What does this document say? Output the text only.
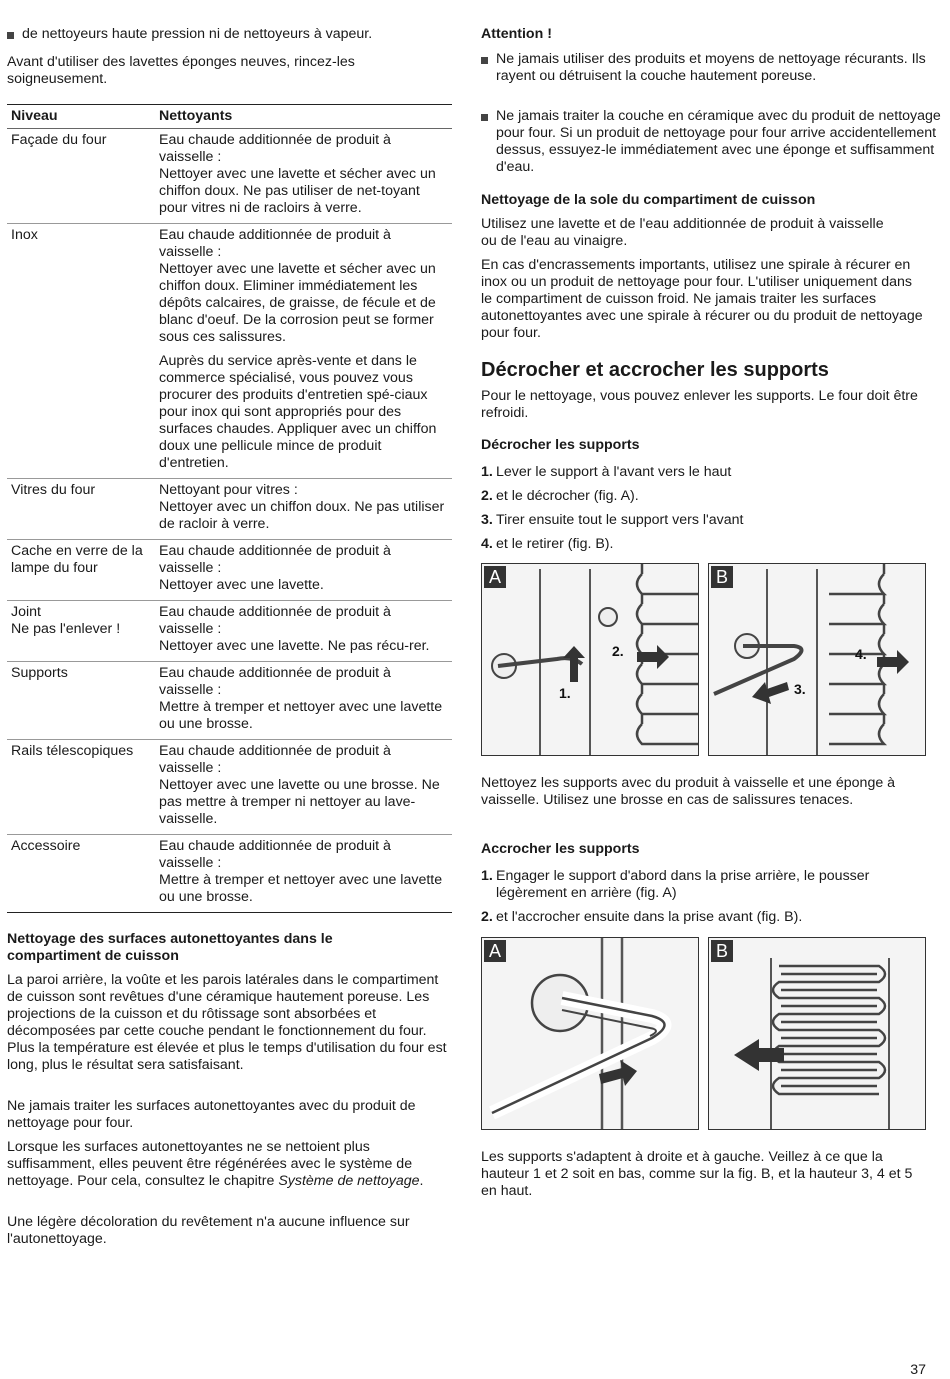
de nettoyeurs haute pression ni de nettoyeurs à vapeur.

Avant d'utiliser des lavettes éponges neuves, rincez-les soigneusement.

Niveau	Nettoyants

Façade du four	Eau chaude additionnée de produit à vaisselle :
Nettoyer avec une lavette et sécher avec un chiffon doux. Ne pas utiliser de net-toyant pour vitres ni de racloirs à verre.

Inox	Eau chaude additionnée de produit à vaisselle :
Nettoyer avec une lavette et sécher avec un chiffon doux. Eliminer immédiatement les dépôts calcaires, de graisse, de fécule et de blanc d'oeuf. De la corrosion peut se former sous ces salissures.
Auprès du service après-vente et dans le commerce spécialisé, vous pouvez vous procurer des produits d'entretien spé-ciaux pour inox qui sont appropriés pour des surfaces chaudes. Appliquer avec un chiffon doux une pellicule mince de produit d'entretien.

Vitres du four	Nettoyant pour vitres :
Nettoyer avec un chiffon doux. Ne pas utiliser de racloir à verre.

Cache en verre de la lampe du four	Eau chaude additionnée de produit à vaisselle :
Nettoyer avec une lavette.

Joint
Ne pas l'enlever !	Eau chaude additionnée de produit à vaisselle :
Nettoyer avec une lavette. Ne pas récu-rer.

Supports	Eau chaude additionnée de produit à vaisselle :
Mettre à tremper et nettoyer avec une lavette ou une brosse.

Rails télescopiques	Eau chaude additionnée de produit à vaisselle :
Nettoyer avec une lavette ou une brosse. Ne pas mettre à tremper ni nettoyer au lave-vaisselle.

Accessoire	Eau chaude additionnée de produit à vaisselle :
Mettre à tremper et nettoyer avec une lavette ou une brosse.
Nettoyage des surfaces autonettoyantes dans le compartiment de cuisson

La paroi arrière, la voûte et les parois latérales dans le compartiment de cuisson sont revêtues d'une céramique hautement poreuse. Les projections de la cuisson et du rôtissage sont absorbées et décomposées par cette couche pendant le fonctionnement du four. Plus la température est élevée et plus le temps d'utilisation du four est long, plus le résultat sera satisfaisant.

Ne jamais traiter les surfaces autonettoyantes avec du produit de nettoyage pour four.

Lorsque les surfaces autonettoyantes ne se nettoient plus suffisamment, elles peuvent être régénérées avec le système de nettoyage. Pour cela, consultez le chapitre Système de nettoyage.

Une légère décoloration du revêtement n'a aucune influence sur l'autonettoyage.

Attention !

Ne jamais utiliser des produits et moyens de nettoyage récurants. Ils rayent ou détruisent la couche hautement poreuse.

Ne jamais traiter la couche en céramique avec du produit de nettoyage pour four. Si un produit de nettoyage pour four arrive accidentellement dessus, essuyez-le immédiatement avec une éponge et suffisamment d'eau.

Nettoyage de la sole du compartiment de cuisson

Utilisez une lavette et de l'eau additionnée de produit à vaisselle ou de l'eau au vinaigre.

En cas d'encrassements importants, utilisez une spirale à récurer en inox ou un produit de nettoyage pour four. L'utiliser uniquement dans le compartiment de cuisson froid. Ne jamais traiter les surfaces autonettoyantes avec une spirale à récurer ou du produit de nettoyage pour four.

Décrocher et accrocher les supports

Pour le nettoyage, vous pouvez enlever les supports. Le four doit être refroidi.

Décrocher les supports
1. Lever le support à l'avant vers le haut
2. et le décrocher (fig. A).
3. Tirer ensuite tout le support vers l'avant
4. et le retirer (fig. B).
1.
2.
A
3.
4.
B

Nettoyez les supports avec du produit à vaisselle et une éponge à vaisselle. Utilisez une brosse en cas de salissures tenaces.

Accrocher les supports
1. Engager le support d'abord dans la prise arrière, le pousser légèrement en arrière (fig. A)
2. et l'accrocher ensuite dans la prise avant (fig. B).
A	B

Les supports s'adaptent à droite et à gauche. Veillez à ce que la hauteur 1 et 2 soit en bas, comme sur la fig. B, et la hauteur 3, 4 et 5 en haut.

37
